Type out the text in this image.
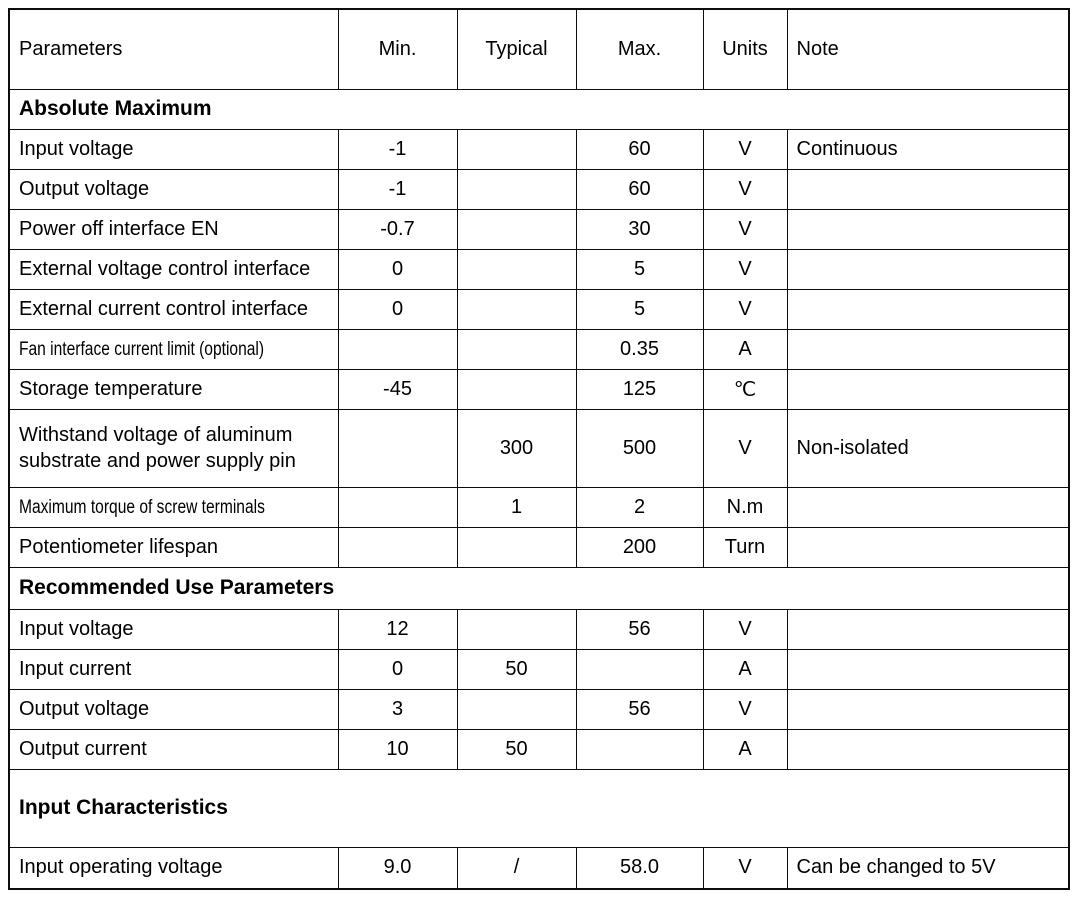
Parameters	Min.	Typical	Max.	Units	Note
Absolute Maximum					
Input voltage	-1		60	V	Continuous
Output voltage	-1		60	V	
Power off interface EN	-0.7		30	V	
External voltage control interface	0		5	V	
External current control interface	0		5	V	
Fan interface current limit (optional)			0.35	A	
Storage temperature	-45		125	℃	
Withstand voltage of aluminum substrate and power supply pin		300	500	V	Non-isolated
Maximum torque of screw terminals		1	2	N.m	
Potentiometer lifespan			200	Turn	
Recommended Use Parameters					
Input voltage	12		56	V	
Input current	0	50		A	
Output voltage	3		56	V	
Output current	10	50		A	
Input Characteristics					
Input operating voltage	9.0	/	58.0	V	Can be changed to 5V
